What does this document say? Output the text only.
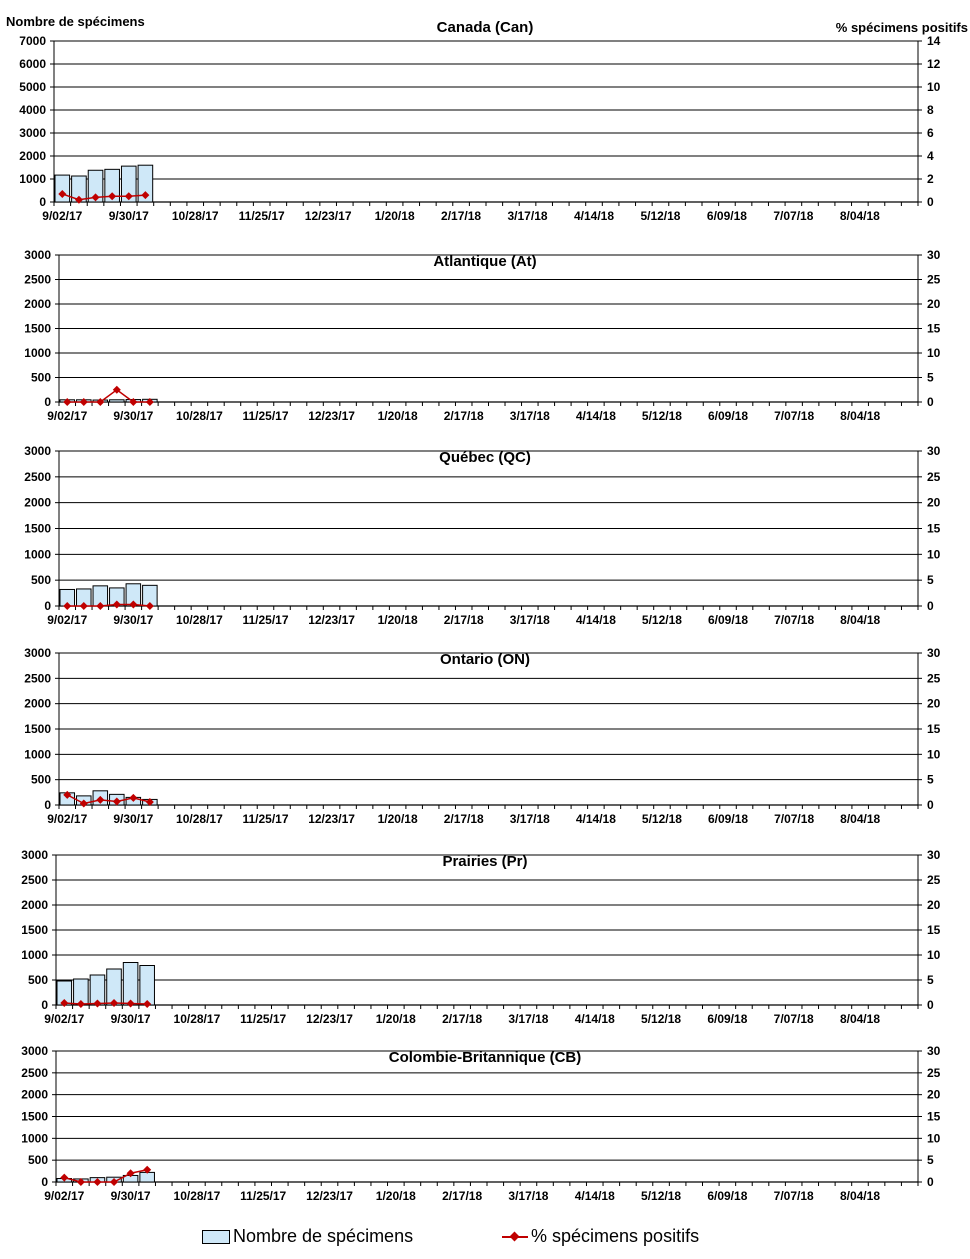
Nombre de spécimens	% spécimens positifs
Canada (Can)
0
1000
2000
3000
4000
5000
6000
7000
0
2
4
6
8
10
12
14
9/02/17 9/30/17 10/28/17 11/25/17 12/23/17 1/20/18 2/17/18 3/17/18 4/14/18 5/12/18 6/09/18 7/07/18 8/04/18
Atlantique (At)
0
500
1000
1500
2000
2500
3000
0
5
10
15
20
25
30
9/02/17 9/30/17 10/28/17 11/25/17 12/23/17 1/20/18 2/17/18 3/17/18 4/14/18 5/12/18 6/09/18 7/07/18 8/04/18
Québec (QC)
0
500
1000
1500
2000
2500
3000
0
5
10
15
20
25
30
9/02/17 9/30/17 10/28/17 11/25/17 12/23/17 1/20/18 2/17/18 3/17/18 4/14/18 5/12/18 6/09/18 7/07/18 8/04/18
Ontario (ON)
0
500
1000
1500
2000
2500
3000
0
5
10
15
20
25
30
9/02/17 9/30/17 10/28/17 11/25/17 12/23/17 1/20/18 2/17/18 3/17/18 4/14/18 5/12/18 6/09/18 7/07/18 8/04/18
Prairies (Pr)
0
500
1000
1500
2000
2500
3000
0
5
10
15
20
25
30
9/02/17 9/30/17 10/28/17 11/25/17 12/23/17 1/20/18 2/17/18 3/17/18 4/14/18 5/12/18 6/09/18 7/07/18 8/04/18
Colombie-Britannique (CB)
0
500
1000
1500
2000
2500
3000
0
5
10
15
20
25
30
9/02/17 9/30/17 10/28/17 11/25/17 12/23/17 1/20/18 2/17/18 3/17/18 4/14/18 5/12/18 6/09/18 7/07/18 8/04/18
Nombre de spécimens	% spécimens positifs
